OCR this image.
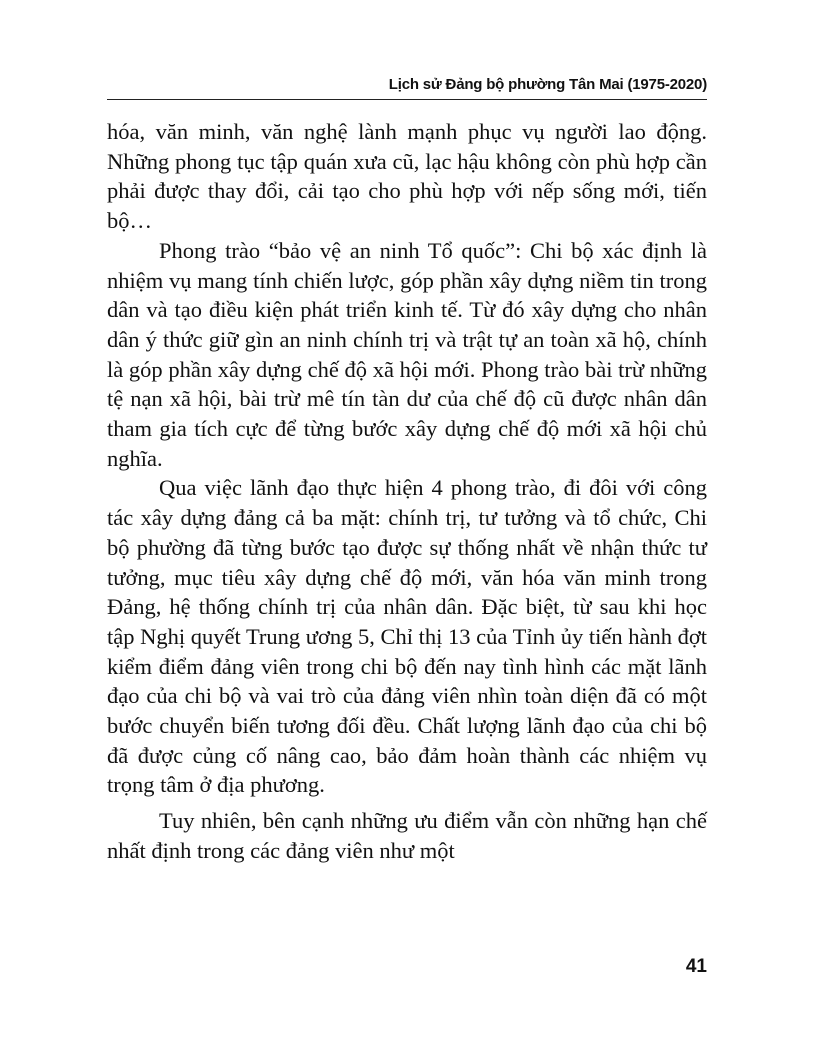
Lịch sử Đảng bộ phường Tân Mai (1975-2020)

hóa, văn minh, văn nghệ lành mạnh phục vụ người lao động. Những phong tục tập quán xưa cũ, lạc hậu không còn phù hợp cần phải được thay đổi, cải tạo cho phù hợp với nếp sống mới, tiến bộ…

Phong trào “bảo vệ an ninh Tổ quốc”: Chi bộ xác định là nhiệm vụ mang tính chiến lược, góp phần xây dựng niềm tin trong dân và tạo điều kiện phát triển kinh tế. Từ đó xây dựng cho nhân dân ý thức giữ gìn an ninh chính trị và trật tự an toàn xã hộ, chính là góp phần xây dựng chế độ xã hội mới. Phong trào bài trừ những tệ nạn xã hội, bài trừ mê tín tàn dư của chế độ cũ được nhân dân tham gia tích cực để từng bước xây dựng chế độ mới xã hội chủ nghĩa.

Qua việc lãnh đạo thực hiện 4 phong trào, đi đôi với công tác xây dựng đảng cả ba mặt: chính trị, tư tưởng và tổ chức, Chi bộ phường đã từng bước tạo được sự thống nhất về nhận thức tư tưởng, mục tiêu xây dựng chế độ mới, văn hóa văn minh trong Đảng, hệ thống chính trị của nhân dân. Đặc biệt, từ sau khi học tập Nghị quyết Trung ương 5, Chỉ thị 13 của Tỉnh ủy tiến hành đợt kiểm điểm đảng viên trong chi bộ đến nay tình hình các mặt lãnh đạo của chi bộ và vai trò của đảng viên nhìn toàn diện đã có một bước chuyển biến tương đối đều. Chất lượng lãnh đạo của chi bộ đã được củng cố nâng cao, bảo đảm hoàn thành các nhiệm vụ trọng tâm ở địa phương.

Tuy nhiên, bên cạnh những ưu điểm vẫn còn những hạn chế nhất định trong các đảng viên như một

41
